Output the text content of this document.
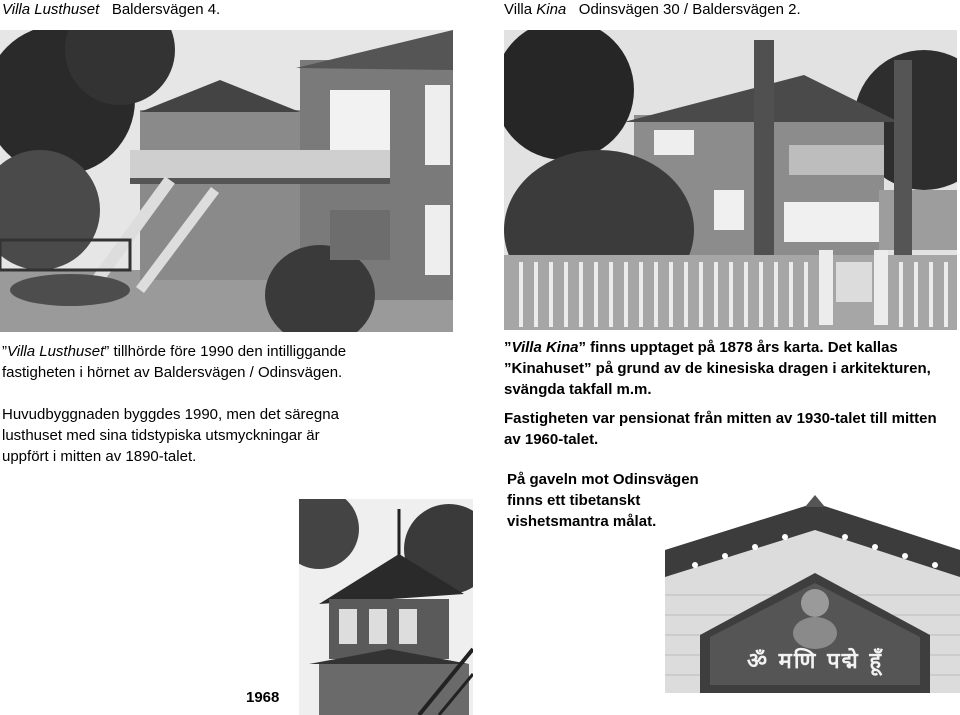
Villa Lusthuset Baldersvägen 4.	Villa Kina Odinsvägen 30 / Baldersvägen 2.
”Villa Lusthuset” tillhörde före 1990 den intilliggande fastigheten i hörnet av Baldersvägen / Odinsvägen.
Huvudbyggnaden byggdes 1990, men det säregna lusthuset med sina tidstypiska utsmyckningar är uppfört i mitten av 1890-talet.
”Villa Kina” finns upptaget på 1878 års karta. Det kallas ”Kinahuset” på grund av de kinesiska dragen i arkitekturen, svängda takfall m.m.
Fastigheten var pensionat från mitten av 1930-talet till mitten av 1960-talet.
På gaveln mot Odinsvägen finns ett tibetanskt vishetsmantra målat.
1968
ॐ मणि पद्मे हूँ
